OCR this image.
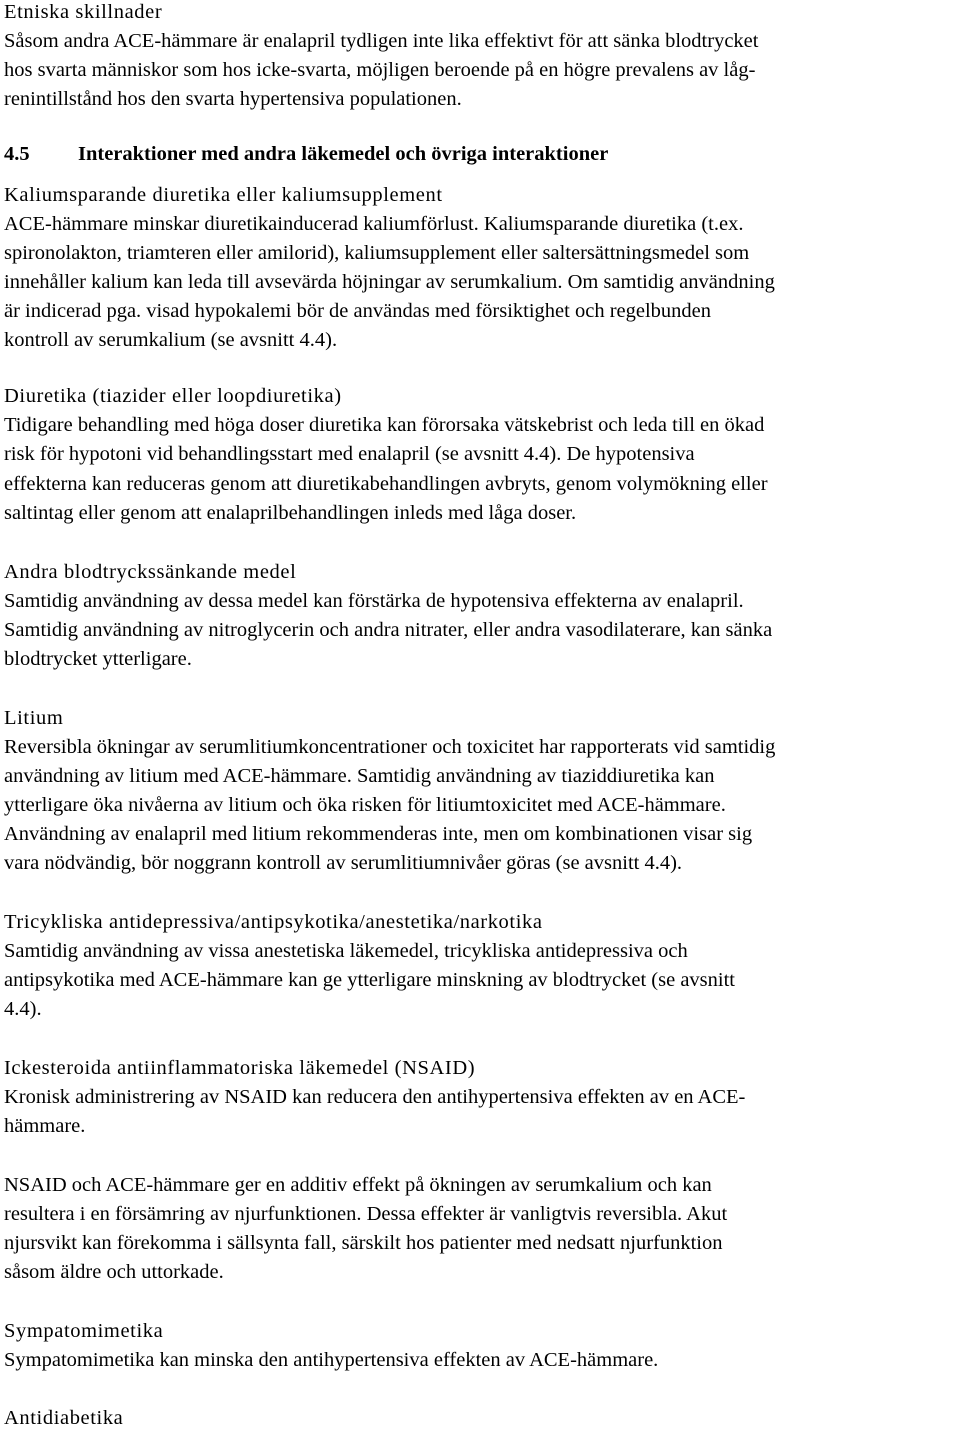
Etniska skillnader
Såsom andra ACE-hämmare är enalapril tydligen inte lika effektivt för att sänka blodtrycket
hos svarta människor som hos icke-svarta, möjligen beroende på en högre prevalens av låg-
renintillstånd hos den svarta hypertensiva populationen.
4.5 Interaktioner med andra läkemedel och övriga interaktioner
Kaliumsparande diuretika eller kaliumsupplement
ACE-hämmare minskar diuretikainducerad kaliumförlust. Kaliumsparande diuretika (t.ex.
spironolakton, triamteren eller amilorid), kaliumsupplement eller saltersättningsmedel som
innehåller kalium kan leda till avsevärda höjningar av serumkalium. Om samtidig användning
är indicerad pga. visad hypokalemi bör de användas med försiktighet och regelbunden
kontroll av serumkalium (se avsnitt 4.4).
Diuretika (tiazider eller loopdiuretika)
Tidigare behandling med höga doser diuretika kan förorsaka vätskebrist och leda till en ökad
risk för hypotoni vid behandlingsstart med enalapril (se avsnitt 4.4). De hypotensiva
effekterna kan reduceras genom att diuretikabehandlingen avbryts, genom volymökning eller
saltintag eller genom att enalaprilbehandlingen inleds med låga doser.
Andra blodtryckssänkande medel
Samtidig användning av dessa medel kan förstärka de hypotensiva effekterna av enalapril.
Samtidig användning av nitroglycerin och andra nitrater, eller andra vasodilaterare, kan sänka
blodtrycket ytterligare.
Litium
Reversibla ökningar av serumlitiumkoncentrationer och toxicitet har rapporterats vid samtidig
användning av litium med ACE-hämmare. Samtidig användning av tiaziddiuretika kan
ytterligare öka nivåerna av litium och öka risken för litiumtoxicitet med ACE-hämmare.
Användning av enalapril med litium rekommenderas inte, men om kombinationen visar sig
vara nödvändig, bör noggrann kontroll av serumlitiumnivåer göras (se avsnitt 4.4).
Tricykliska antidepressiva/antipsykotika/anestetika/narkotika
Samtidig användning av vissa anestetiska läkemedel, tricykliska antidepressiva och
antipsykotika med ACE-hämmare kan ge ytterligare minskning av blodtrycket (se avsnitt
4.4).
Ickesteroida antiinflammatoriska läkemedel (NSAID)
Kronisk administrering av NSAID kan reducera den antihypertensiva effekten av en ACE-
hämmare.
NSAID och ACE-hämmare ger en additiv effekt på ökningen av serumkalium och kan
resultera i en försämring av njurfunktionen. Dessa effekter är vanligtvis reversibla. Akut
njursvikt kan förekomma i sällsynta fall, särskilt hos patienter med nedsatt njurfunktion
såsom äldre och uttorkade.
Sympatomimetika
Sympatomimetika kan minska den antihypertensiva effekten av ACE-hämmare.
Antidiabetika
